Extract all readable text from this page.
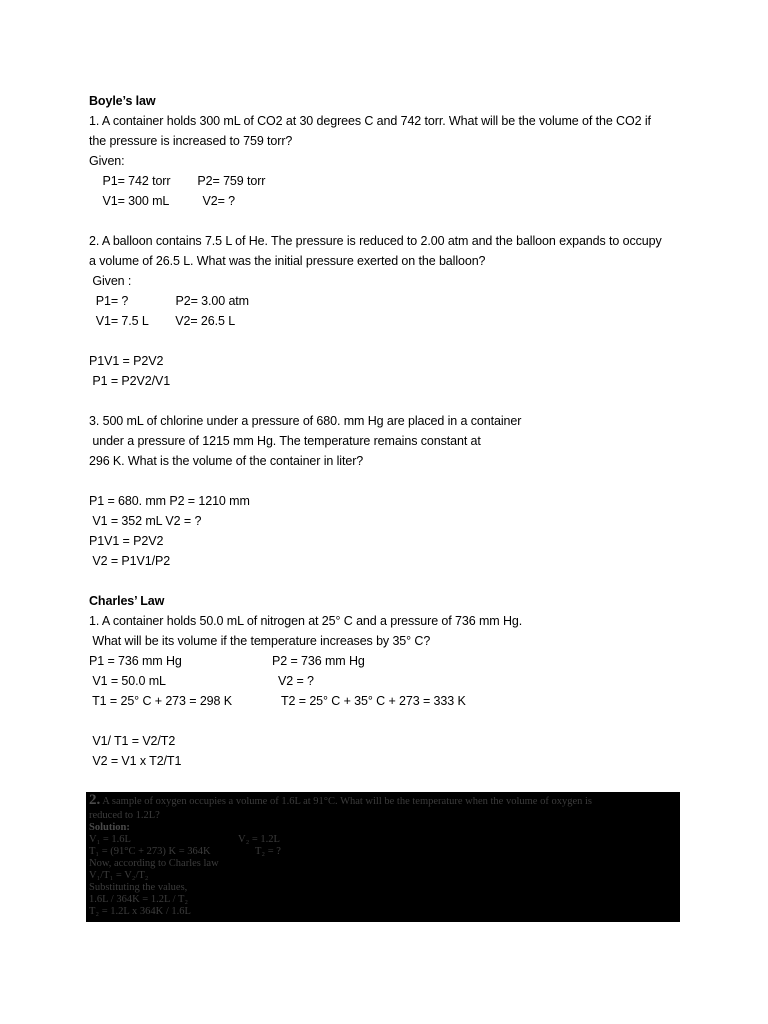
Boyle’s law
1. A container holds 300 mL of CO2 at 30 degrees C and 742 torr. What will be the volume of the CO2 if
the pressure is increased to 759 torr?
Given:
P1= 742 torr        P2= 759 torr
V1= 300 mL          V2= ?
2. A balloon contains 7.5 L of He. The pressure is reduced to 2.00 atm and the balloon expands to occupy
a volume of 26.5 L. What was the initial pressure exerted on the balloon?
Given :
P1= ?              P2= 3.00 atm
V1= 7.5 L        V2= 26.5 L
P1V1 = P2V2
P1 = P2V2/V1
3. 500 mL of chlorine under a pressure of 680. mm Hg are placed in a container
under a pressure of 1215 mm Hg. The temperature remains constant at
296 K. What is the volume of the container in liter?
P1 = 680. mm P2 = 1210 mm
V1 = 352 mL V2 = ?
P1V1 = P2V2
V2 = P1V1/P2
Charles’ Law
1. A container holds 50.0 mL of nitrogen at 25° C and a pressure of 736 mm Hg.
What will be its volume if the temperature increases by 35° C?
P1 = 736 mm Hg	P2 = 736 mm Hg
V1 = 50.0 mL	V2 = ?
T1 = 25° C + 273 = 298 K	T2 = 25° C + 35° C + 273 = 333 K
V1/ T1 = V2/T2
V2 = V1 x T2/T1
2. A sample of oxygen occupies a volume of 1.6L at 91°C. What will be the temperature when the volume of oxygen is
reduced to 1.2L?
Solution:
V₁ = 1.6L	V₂ = 1.2L
T₁ = (91°C + 273) K = 364K	T₂ = ?
Now, according to Charles law
V₁/T₁ = V₂/T₂
Substituting the values,
1.6L / 364K = 1.2L / T₂
T₂ = 1.2L x 364K / 1.6L
